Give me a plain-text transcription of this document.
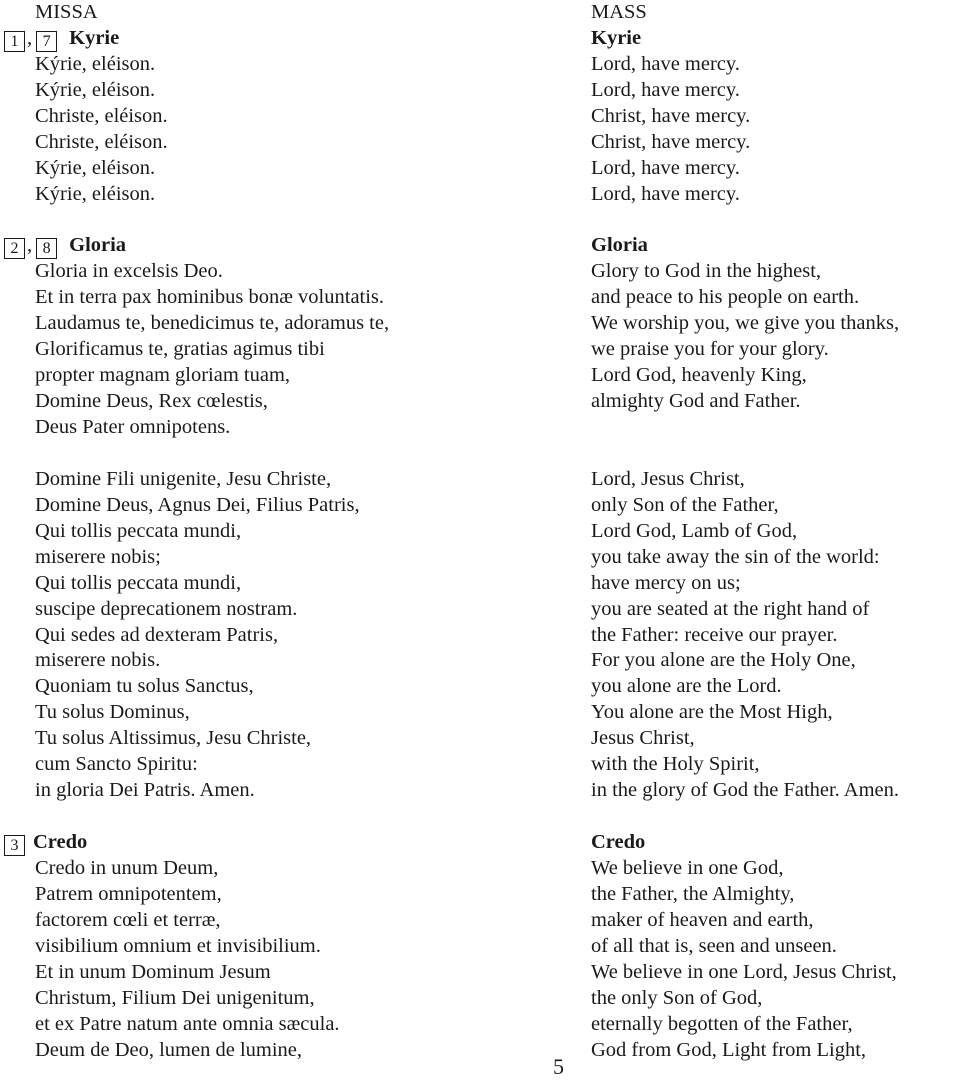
MISSA
1 , 7 Kyrie
Kýrie, eléison.
Kýrie, eléison.
Christe, eléison.
Christe, eléison.
Kýrie, eléison.
Kýrie, eléison.
2 , 8 Gloria
Gloria in excelsis Deo.
Et in terra pax hominibus bonæ voluntatis.
Laudamus te, benedicimus te, adoramus te,
Glorificamus te, gratias agimus tibi
propter magnam gloriam tuam,
Domine Deus, Rex cœlestis,
Deus Pater omnipotens.
Domine Fili unigenite, Jesu Christe,
Domine Deus, Agnus Dei, Filius Patris,
Qui tollis peccata mundi,
miserere nobis;
Qui tollis peccata mundi,
suscipe deprecationem nostram.
Qui sedes ad dexteram Patris,
miserere nobis.
Quoniam tu solus Sanctus,
Tu solus Dominus,
Tu solus Altissimus, Jesu Christe,
cum Sancto Spiritu:
in gloria Dei Patris. Amen.
3 Credo
Credo in unum Deum,
Patrem omnipotentem,
factorem cœli et terræ,
visibilium omnium et invisibilium.
Et in unum Dominum Jesum
Christum, Filium Dei unigenitum,
et ex Patre natum ante omnia sæcula.
Deum de Deo, lumen de lumine,
MASS
Kyrie
Lord, have mercy.
Lord, have mercy.
Christ, have mercy.
Christ, have mercy.
Lord, have mercy.
Lord, have mercy.
Gloria
Glory to God in the highest,
and peace to his people on earth.
We worship you, we give you thanks,
we praise you for your glory.
Lord God, heavenly King,
almighty God and Father.
Lord, Jesus Christ,
only Son of the Father,
Lord God, Lamb of God,
you take away the sin of the world:
have mercy on us;
you are seated at the right hand of
the Father: receive our prayer.
For you alone are the Holy One,
you alone are the Lord.
You alone are the Most High,
Jesus Christ,
with the Holy Spirit,
in the glory of God the Father. Amen.
Credo
We believe in one God,
the Father, the Almighty,
maker of heaven and earth,
of all that is, seen and unseen.
We believe in one Lord, Jesus Christ,
the only Son of God,
eternally begotten of the Father,
God from God, Light from Light,
5
